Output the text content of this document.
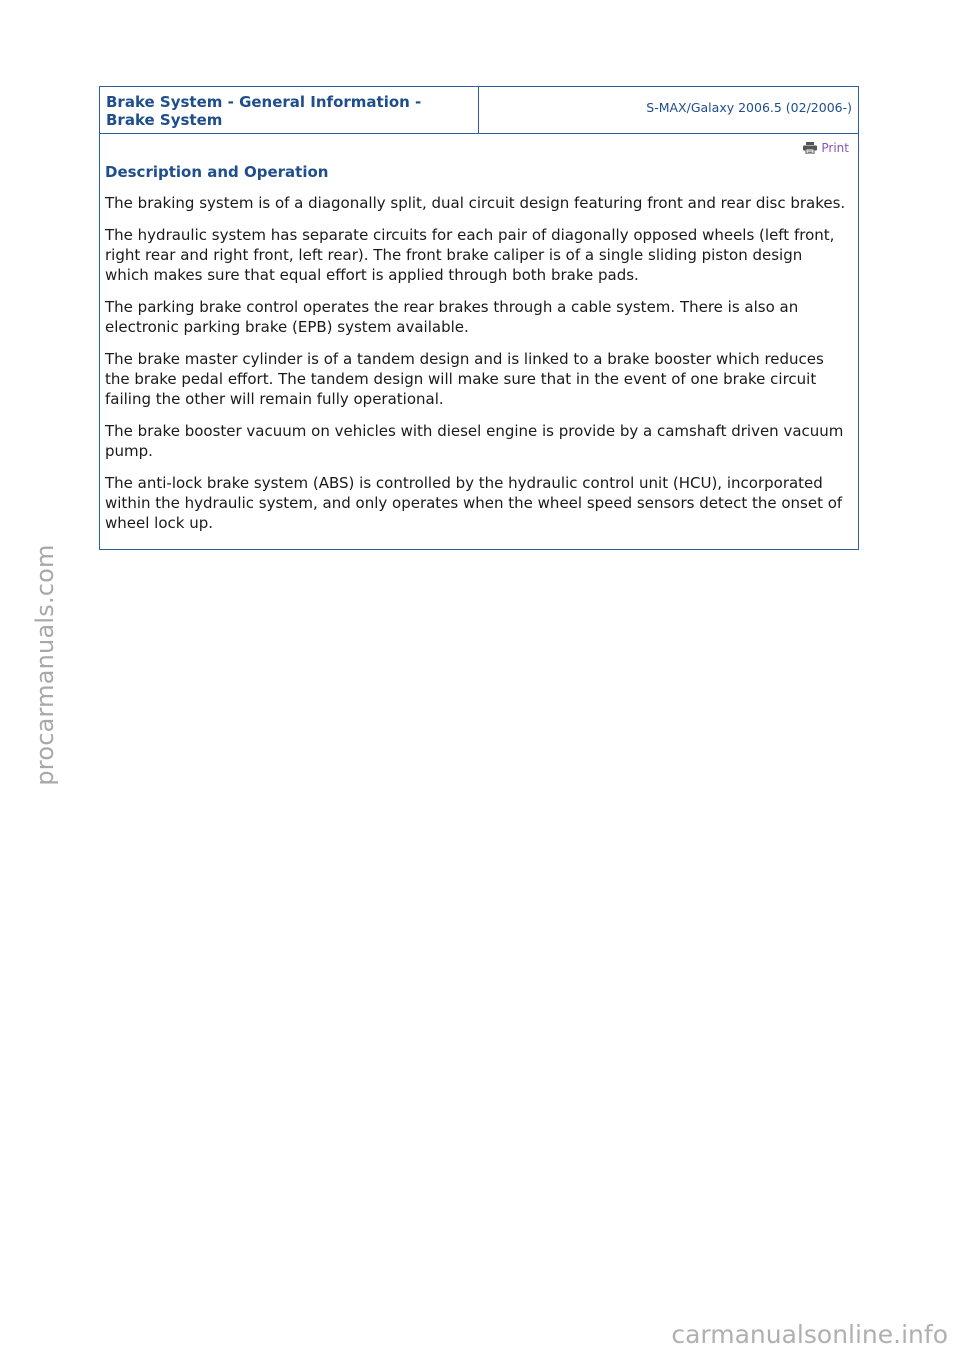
Brake System - General Information -
Brake System
S-MAX/Galaxy 2006.5 (02/2006-)
Print
Description and Operation

The braking system is of a diagonally split, dual circuit design featuring front and rear disc brakes.

The hydraulic system has separate circuits for each pair of diagonally opposed wheels (left front, right rear and right front, left rear). The front brake caliper is of a single sliding piston design which makes sure that equal effort is applied through both brake pads.

The parking brake control operates the rear brakes through a cable system. There is also an electronic parking brake (EPB) system available.

The brake master cylinder is of a tandem design and is linked to a brake booster which reduces the brake pedal effort. The tandem design will make sure that in the event of one brake circuit failing the other will remain fully operational.

The brake booster vacuum on vehicles with diesel engine is provide by a camshaft driven vacuum pump.

The anti-lock brake system (ABS) is controlled by the hydraulic control unit (HCU), incorporated within the hydraulic system, and only operates when the wheel speed sensors detect the onset of wheel lock up.

procarmanuals.com
carmanualsonline.info
